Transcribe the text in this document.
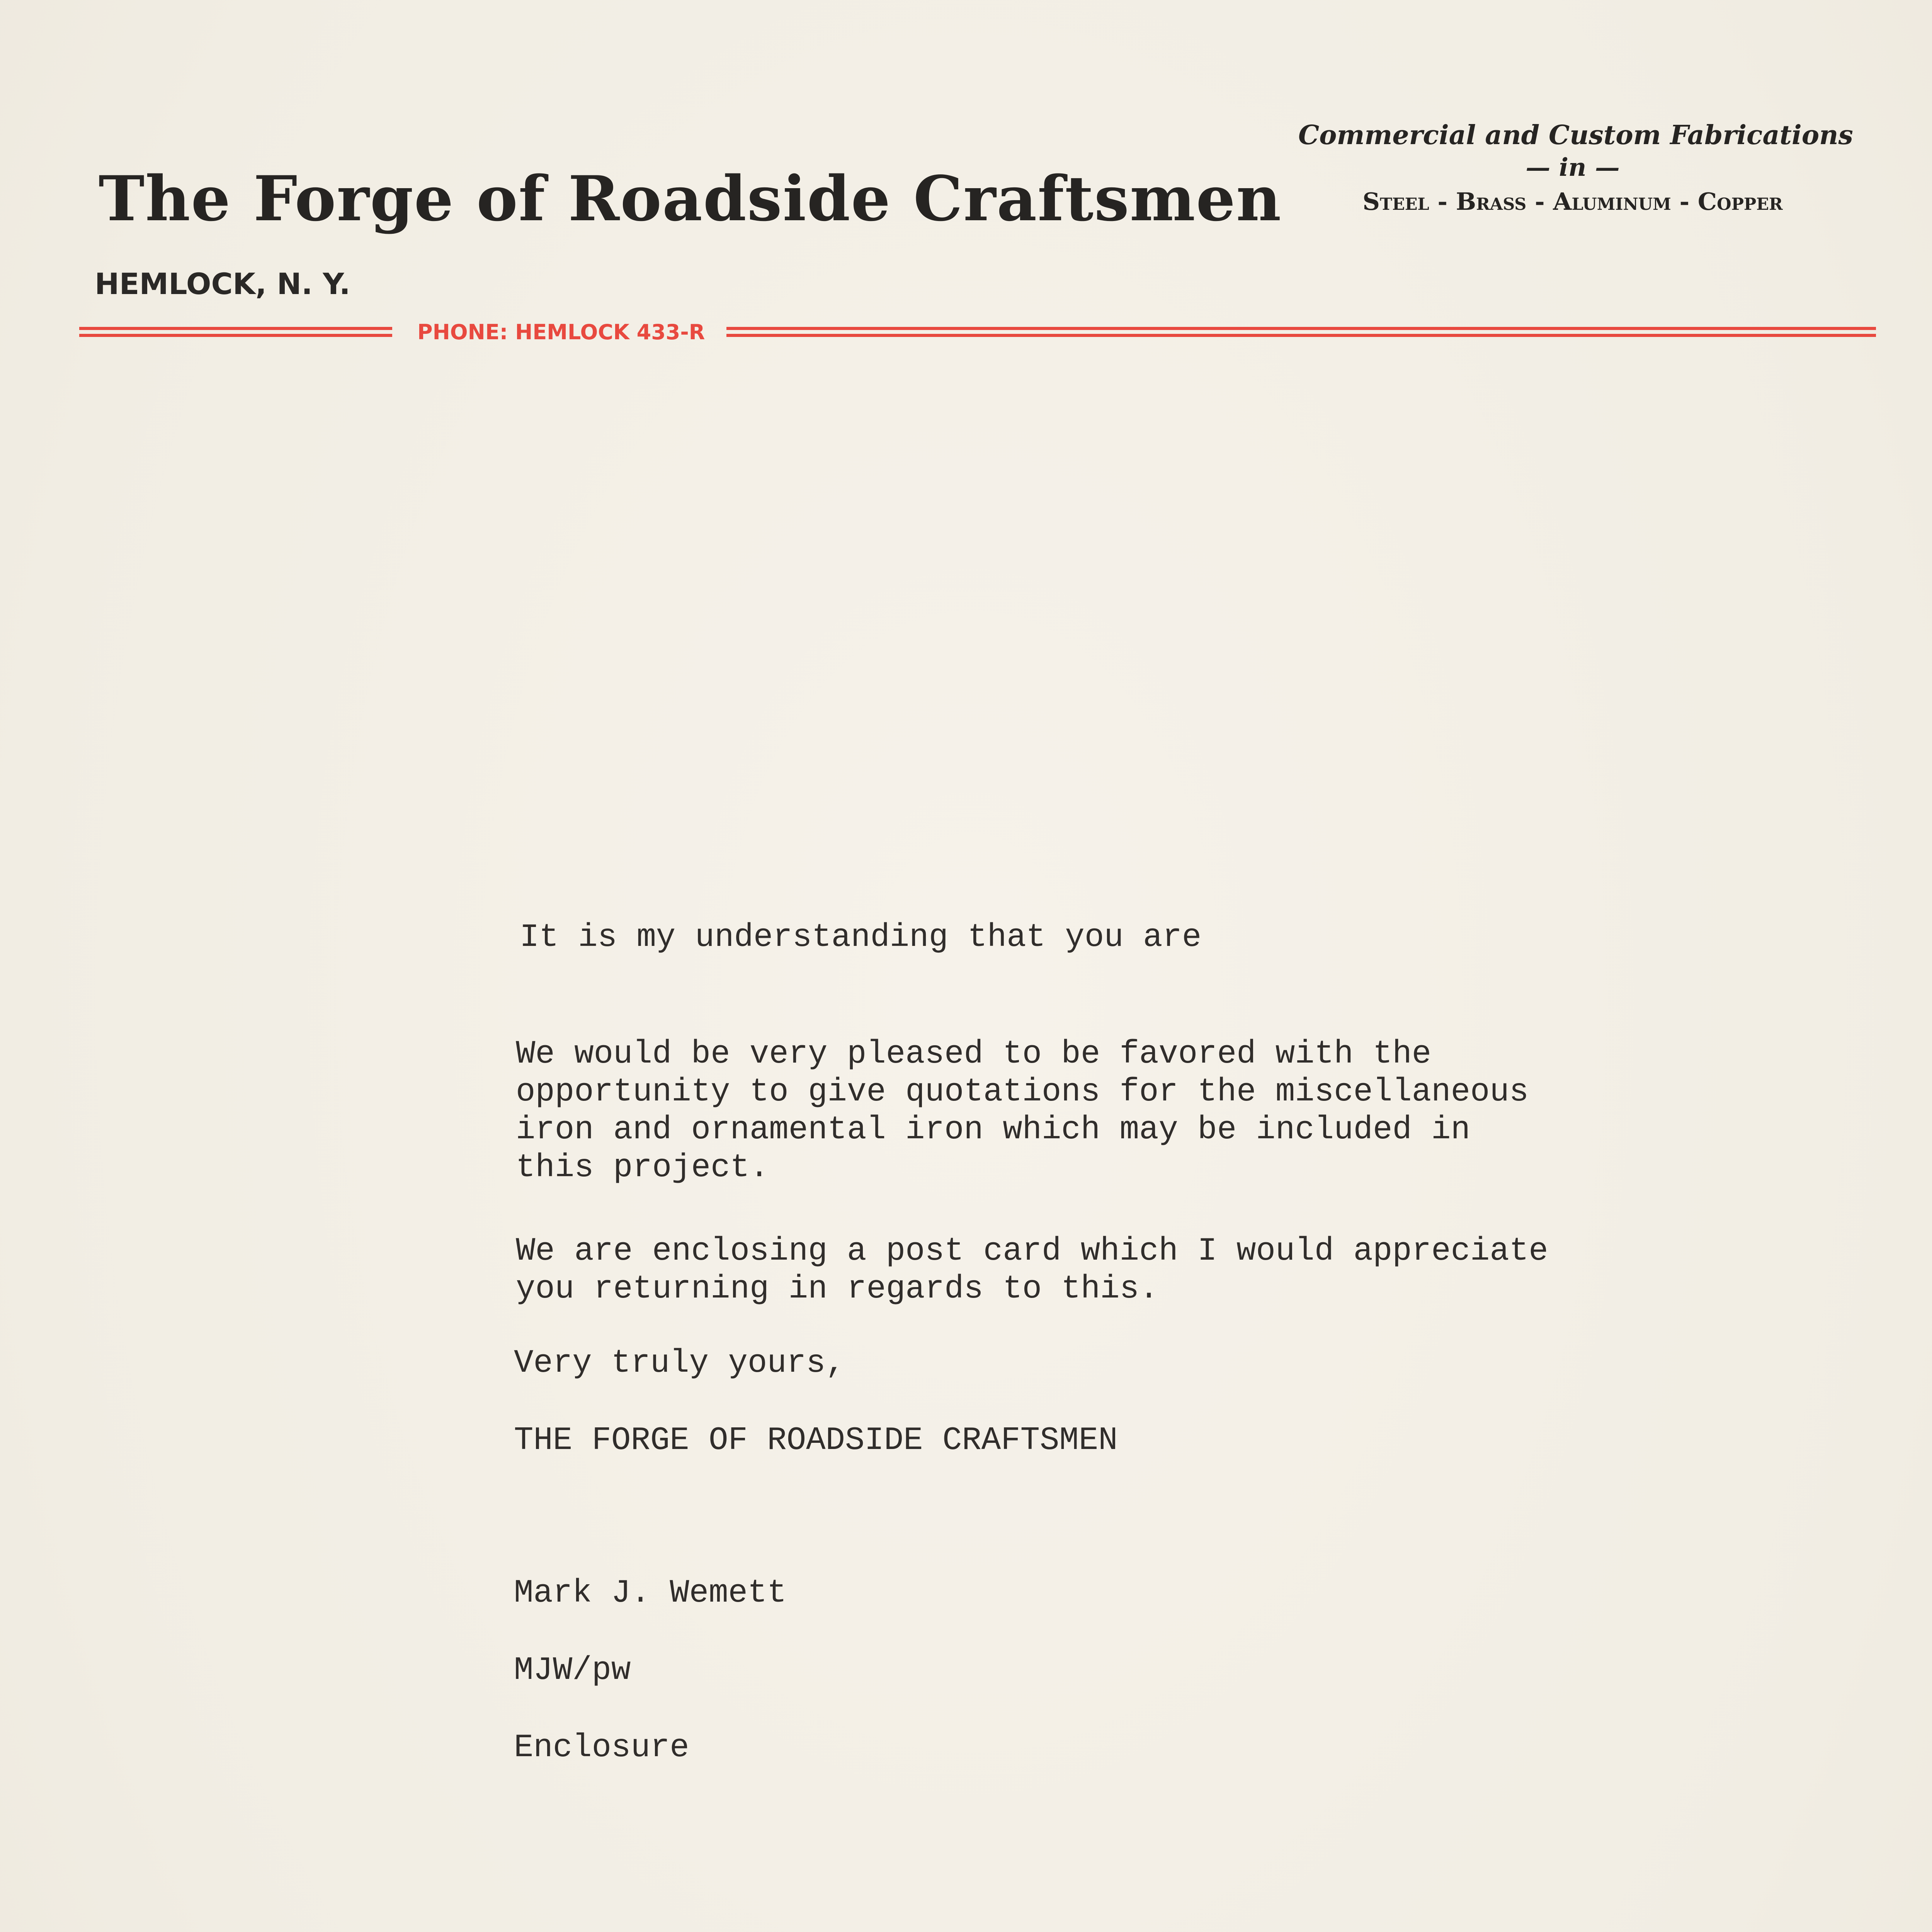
The Forge of Roadside Craftsmen
HEMLOCK, N. Y.
Commercial and Custom Fabrications
— in —
Steel - Brass - Aluminum - Copper
PHONE: HEMLOCK 433-R
It is my understanding that you are
We would be very pleased to be favored with the
opportunity to give quotations for the miscellaneous
iron and ornamental iron which may be included in
this project.
We are enclosing a post card which I would appreciate
you returning in regards to this.
Very truly yours,
THE FORGE OF ROADSIDE CRAFTSMEN
Mark J. Wemett
MJW/pw
Enclosure
